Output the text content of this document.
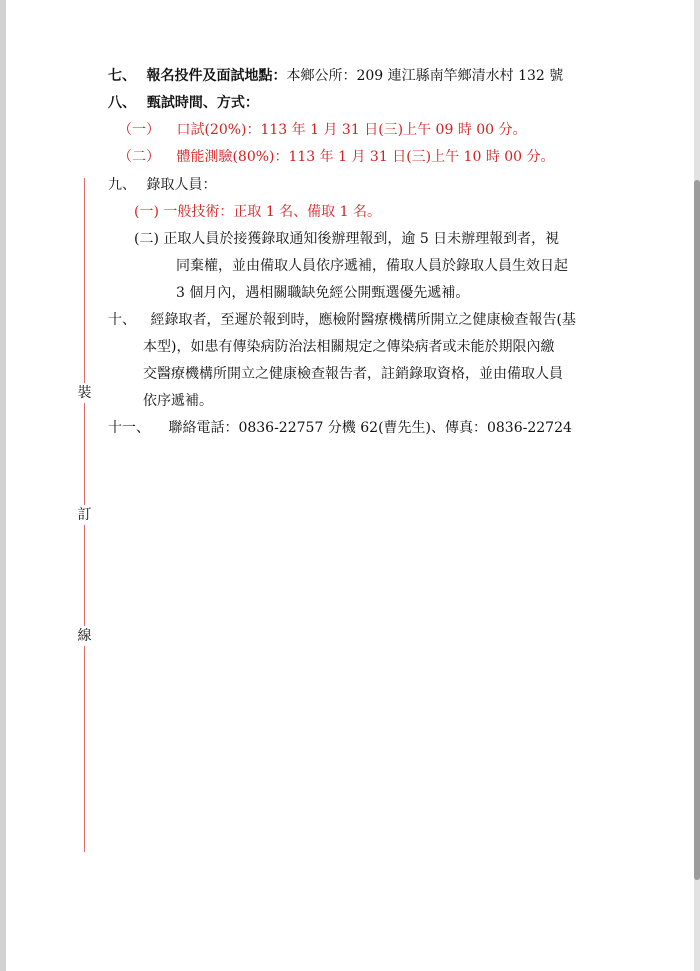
裝
訂
線
七、 報名投件及面試地點：本鄉公所：209 連江縣南竿鄉清水村 132 號
八、 甄試時間、方式：
（一） 口試(20%)：113 年 1 月 31 日(三)上午 09 時 00 分。
（二） 體能測驗(80%)：113 年 1 月 31 日(三)上午 10 時 00 分。
九、 錄取人員：
(一) 一般技術：正取 1 名、備取 1 名。
(二) 正取人員於接獲錄取通知後辦理報到，逾 5 日未辦理報到者，視
同棄權，並由備取人員依序遞補，備取人員於錄取人員生效日起
3 個月內，遇相關職缺免經公開甄選優先遞補。
十、 經錄取者，至遲於報到時，應檢附醫療機構所開立之健康檢查報告(基
本型)，如患有傳染病防治法相關規定之傳染病者或未能於期限內繳
交醫療機構所開立之健康檢查報告者，註銷錄取資格，並由備取人員
依序遞補。
十一、 聯絡電話：0836-22757 分機 62(曹先生)、傳真：0836-22724
